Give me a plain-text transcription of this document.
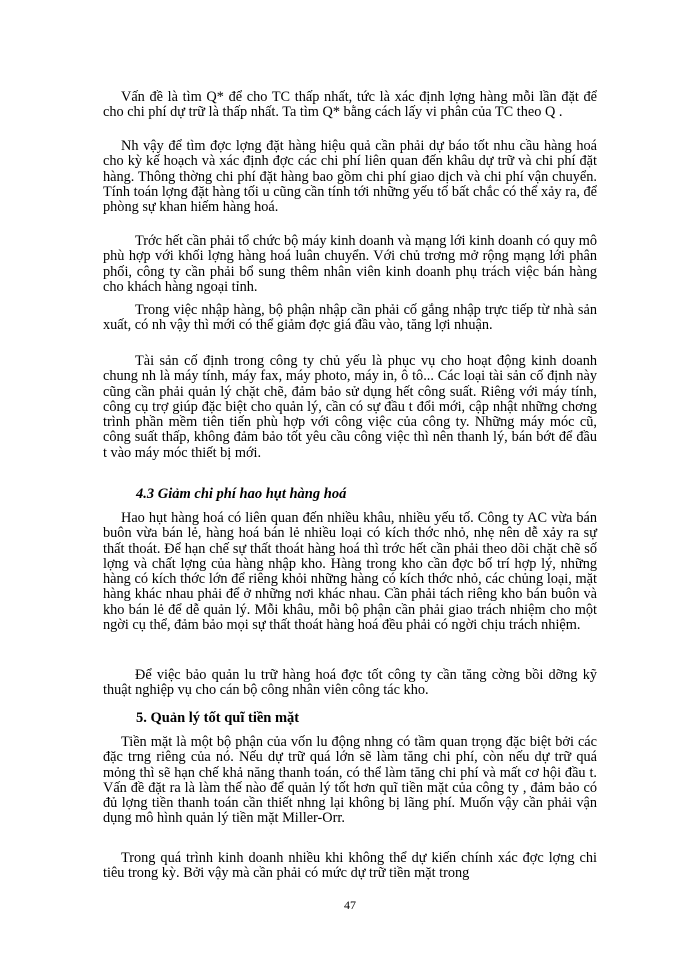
Vấn đề là tìm Q* để cho TC thấp nhất, tức là xác định lợng hàng mỗi lần đặt để cho chi phí dự trữ là thấp nhất. Ta tìm Q* bằng cách lấy vi phân của TC theo Q .

Nh vậy để tìm đợc lợng đặt hàng hiệu quả cần phải dự báo tốt nhu cầu hàng hoá cho kỳ kế hoạch và xác định đợc các chi phí liên quan đến khâu dự trữ và chi phí đặt hàng. Thông thờng chi phí đặt hàng bao gồm chi phí giao dịch và chi phí vận chuyển. Tính toán lợng đặt hàng tối u cũng cần tính tới những yếu tố bất chắc có thể xảy ra, để phòng sự khan hiếm hàng hoá.

Trớc hết cần phải tổ chức bộ máy kinh doanh và mạng lới kinh doanh có quy mô phù hợp với khối lợng hàng hoá luân chuyển. Với chủ trơng mở rộng mạng lới phân phối, công ty cần phải bổ sung thêm nhân viên kinh doanh phụ trách việc bán hàng cho khách hàng ngoại tỉnh.

Trong việc nhập hàng, bộ phận nhập cần phải cố gắng nhập trực tiếp từ nhà sản xuất, có nh vậy thì mới có thể giảm đợc giá đầu vào, tăng lợi nhuận.

Tài sản cố định trong công ty chủ yếu là phục vụ cho hoạt động kinh doanh chung nh là máy tính, máy fax, máy photo, máy in, ô tô... Các loại tài sản cố định này cũng cần phải quản lý chặt chẽ, đảm bảo sử dụng hết công suất. Riêng với máy tính, công cụ trợ giúp đặc biệt cho quản lý, cần có sự đầu t đổi mới, cập nhật những chơng trình phần mềm tiên tiến phù hợp với công việc của công ty. Những máy móc cũ, công suất thấp, không đảm bảo tốt yêu cầu công việc thì nên thanh lý, bán bớt để đầu t vào máy móc thiết bị mới.

4.3 Giảm chi phí hao hụt hàng hoá

Hao hụt hàng hoá có liên quan đến nhiều khâu, nhiều yếu tố. Công ty AC vừa bán buôn vừa bán lẻ, hàng hoá bán lẻ nhiều loại có kích thớc nhỏ, nhẹ nên dễ xảy ra sự thất thoát. Để hạn chế sự thất thoát hàng hoá thì trớc hết cần phải theo dõi chặt chẽ số lợng và chất lợng của hàng nhập kho. Hàng trong kho cần đợc bố trí hợp lý, những hàng có kích thớc lớn để riêng khỏi những hàng có kích thớc nhỏ, các chủng loại, mặt hàng khác nhau phải để ở những nơi khác nhau. Cần phải tách riêng kho bán buôn và kho bán lẻ để dễ quản lý. Mỗi khâu, mỗi bộ phận cần phải giao trách nhiệm cho một ngời cụ thể, đảm bảo mọi sự thất thoát hàng hoá đều phải có ngời chịu trách nhiệm.

Để việc bảo quản lu trữ hàng hoá đợc tốt công ty cần tăng cờng bồi dỡng kỹ thuật nghiệp vụ cho cán bộ công nhân viên công tác kho.

5. Quản lý tốt quĩ tiền mặt

Tiền mặt là một bộ phận của vốn lu động nhng có tầm quan trọng đặc biệt bởi các đặc trng riêng của nó. Nếu dự trữ quá lớn sẽ làm tăng chi phí, còn nếu dự trữ quá mỏng thì sẽ hạn chế khả năng thanh toán, có thể làm tăng chi phí và mất cơ hội đầu t. Vấn đề đặt ra là làm thế nào để quản lý tốt hơn quĩ tiền mặt của công ty , đảm bảo có đủ lợng tiền thanh toán cần thiết nhng lại không bị lãng phí. Muốn vậy cần phải vận dụng mô hình quản lý tiền mặt Miller-Orr.

Trong quá trình kinh doanh nhiều khi không thể dự kiến chính xác đợc lợng chi tiêu trong kỳ. Bởi vậy mà cần phải có mức dự trữ tiền mặt trong

47
